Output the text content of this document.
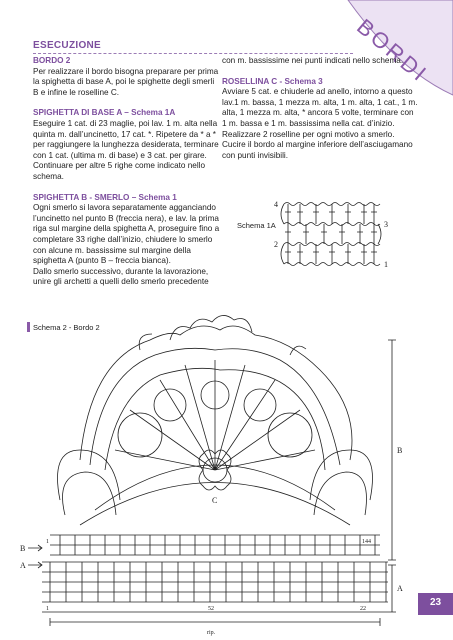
BORDI
ESECUZIONE

BORDO 2

Per realizzare il bordo bisogna preparare per prima la spighetta di base A, poi le spighette degli smerli B e infine le roselline C.

SPIGHETTA DI BASE A – Schema 1A

Eseguire 1 cat. di 23 maglie, poi lav. 1 m. alta nella quinta m. dall’uncinetto, 17 cat. *. Ripetere da * a * per raggiungere la lunghezza desiderata, terminare con 1 cat. (ultima m. di base) e 3 cat. per girare.

Continuare per altre 5 righe come indicato nello schema.

SPIGHETTA B - SMERLO – Schema 1

Ogni smerlo si lavora separatamente agganciando l’uncinetto nel punto B (freccia nera), e lav. la prima riga sul margine della spighetta A, proseguire fino a completare 33 righe dall’inizio, chiudere lo smerlo con alcune m. bassissime sul margine della spighetta A (punto B – freccia bianca).

Dallo smerlo successivo, durante la lavorazione, unire gli archetti a quelli dello smerlo precedente

con m. bassissime nei punti indicati nello schema.

ROSELLINA C - Schema 3

Avviare 5 cat. e chiuderle ad anello, intorno a questo lav.1 m. bassa, 1 mezza m. alta, 1 m. alta, 1 cat., 1 m. alta, 1 mezza m. alta, * ancora 5 volte, terminare con 1 m. bassa e 1 m. bassissima nella cat. d’inizio.

Realizzare 2 roselline per ogni motivo a smerlo. Cucire il bordo al margine inferiore dell’asciugamano con punti invisibili.

Schema 1A
4
3
2
1
Schema 2 - Bordo 2
B
A
B
A
C
1	144
1	52	22
rip.
23
